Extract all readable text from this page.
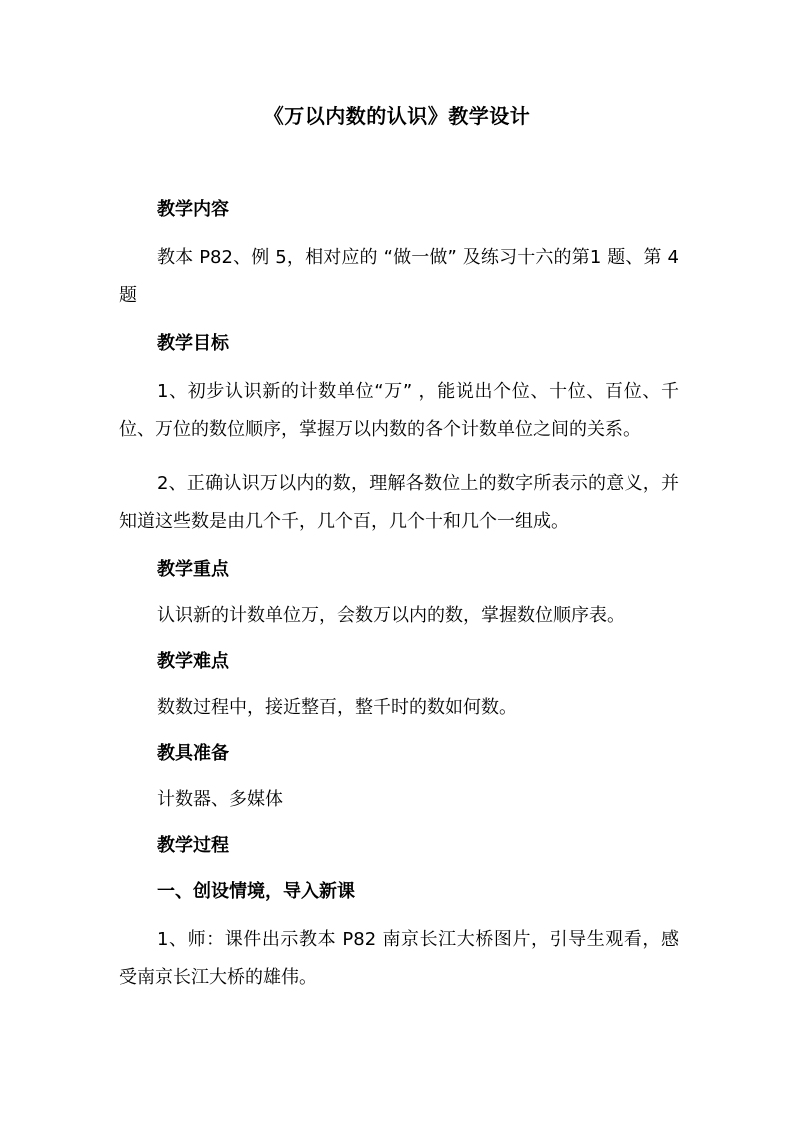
《万以内数的认识》教学设计

教学内容

教本 P82、例 5，相对应的 “做一做” 及练习十六的第1 题、第 4 题

教学目标

1、初步认识新的计数单位“万” ，能说出个位、十位、百位、千位、万位的数位顺序，掌握万以内数的各个计数单位之间的关系。

2、正确认识万以内的数，理解各数位上的数字所表示的意义，并知道这些数是由几个千，几个百，几个十和几个一组成。

教学重点

认识新的计数单位万，会数万以内的数，掌握数位顺序表。

教学难点

数数过程中，接近整百，整千时的数如何数。

教具准备

计数器、多媒体

教学过程

一、创设情境，导入新课

1、师：课件出示教本 P82 南京长江大桥图片，引导生观看，感受南京长江大桥的雄伟。
